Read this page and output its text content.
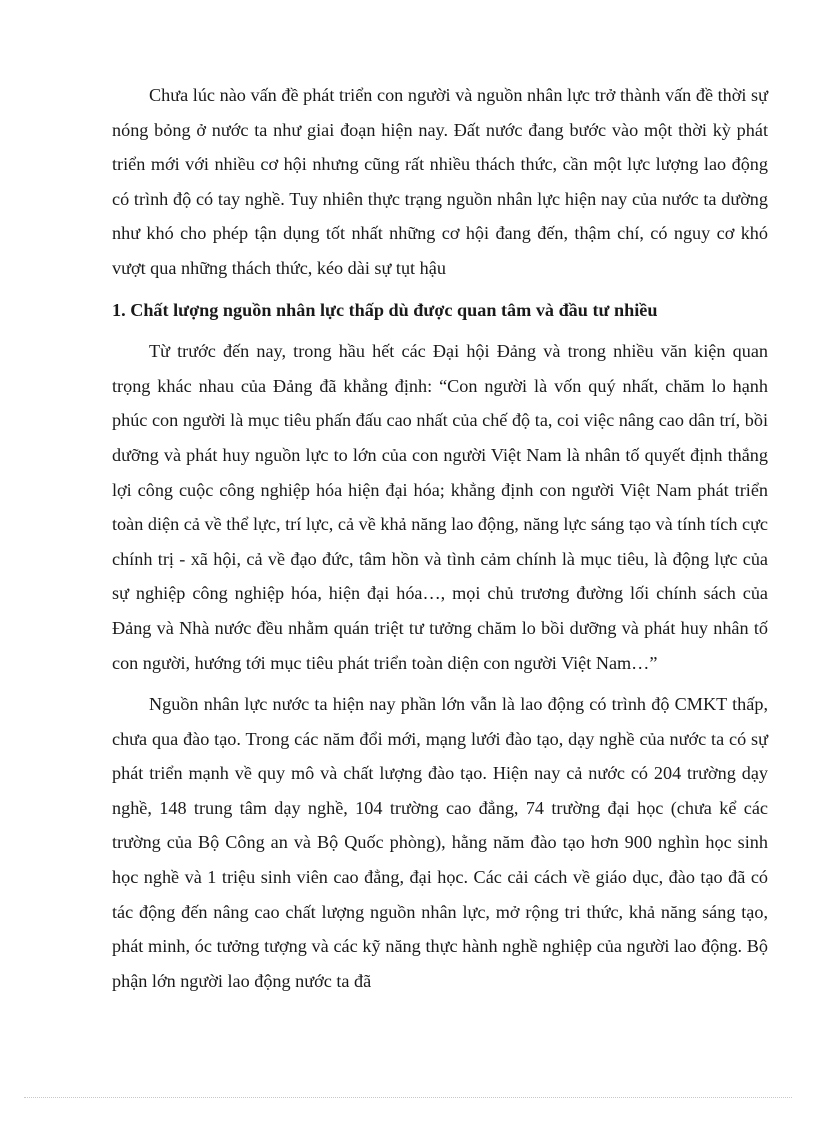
Chưa lúc nào vấn đề phát triển con người và nguồn nhân lực trở thành vấn đề thời sự nóng bỏng ở nước ta như giai đoạn hiện nay. Đất nước đang bước vào một thời kỳ phát triển mới với nhiều cơ hội nhưng cũng rất nhiều thách thức, cần một lực lượng lao động có trình độ có tay nghề. Tuy nhiên thực trạng nguồn nhân lực hiện nay của nước ta dường như khó cho phép tận dụng tốt nhất những cơ hội đang đến, thậm chí, có nguy cơ khó vượt qua những thách thức, kéo dài sự tụt hậu

1. Chất lượng nguồn nhân lực thấp dù được quan tâm và đầu tư nhiều

Từ trước đến nay, trong hầu hết các Đại hội Đảng và trong nhiều văn kiện quan trọng khác nhau của Đảng đã khẳng định: “Con người là vốn quý nhất, chăm lo hạnh phúc con người là mục tiêu phấn đấu cao nhất của chế độ ta, coi việc nâng cao dân trí, bồi dưỡng và phát huy nguồn lực to lớn của con người Việt Nam là nhân tố quyết định thắng lợi công cuộc công nghiệp hóa hiện đại hóa; khẳng định con người Việt Nam phát triển toàn diện cả về thể lực, trí lực, cả về khả năng lao động, năng lực sáng tạo và tính tích cực chính trị - xã hội, cả về đạo đức, tâm hồn và tình cảm chính là mục tiêu, là động lực của sự nghiệp công nghiệp hóa, hiện đại hóa…, mọi chủ trương đường lối chính sách của Đảng và Nhà nước đều nhằm quán triệt tư tưởng chăm lo bồi dưỡng và phát huy nhân tố con người, hướng tới mục tiêu phát triển toàn diện con người Việt Nam…”

Nguồn nhân lực nước ta hiện nay phần lớn vẫn là lao động có trình độ CMKT thấp, chưa qua đào tạo. Trong các năm đổi mới, mạng lưới đào tạo, dạy nghề của nước ta có sự phát triển mạnh về quy mô và chất lượng đào tạo. Hiện nay cả nước có 204 trường dạy nghề, 148 trung tâm dạy nghề, 104 trường cao đẳng, 74 trường đại học (chưa kể các trường của Bộ Công an và Bộ Quốc phòng), hằng năm đào tạo hơn 900 nghìn học sinh học nghề và 1 triệu sinh viên cao đẳng, đại học. Các cải cách về giáo dục, đào tạo đã có tác động đến nâng cao chất lượng nguồn nhân lực, mở rộng tri thức, khả năng sáng tạo, phát minh, óc tưởng tượng và các kỹ năng thực hành nghề nghiệp của người lao động. Bộ phận lớn người lao động nước ta đã
